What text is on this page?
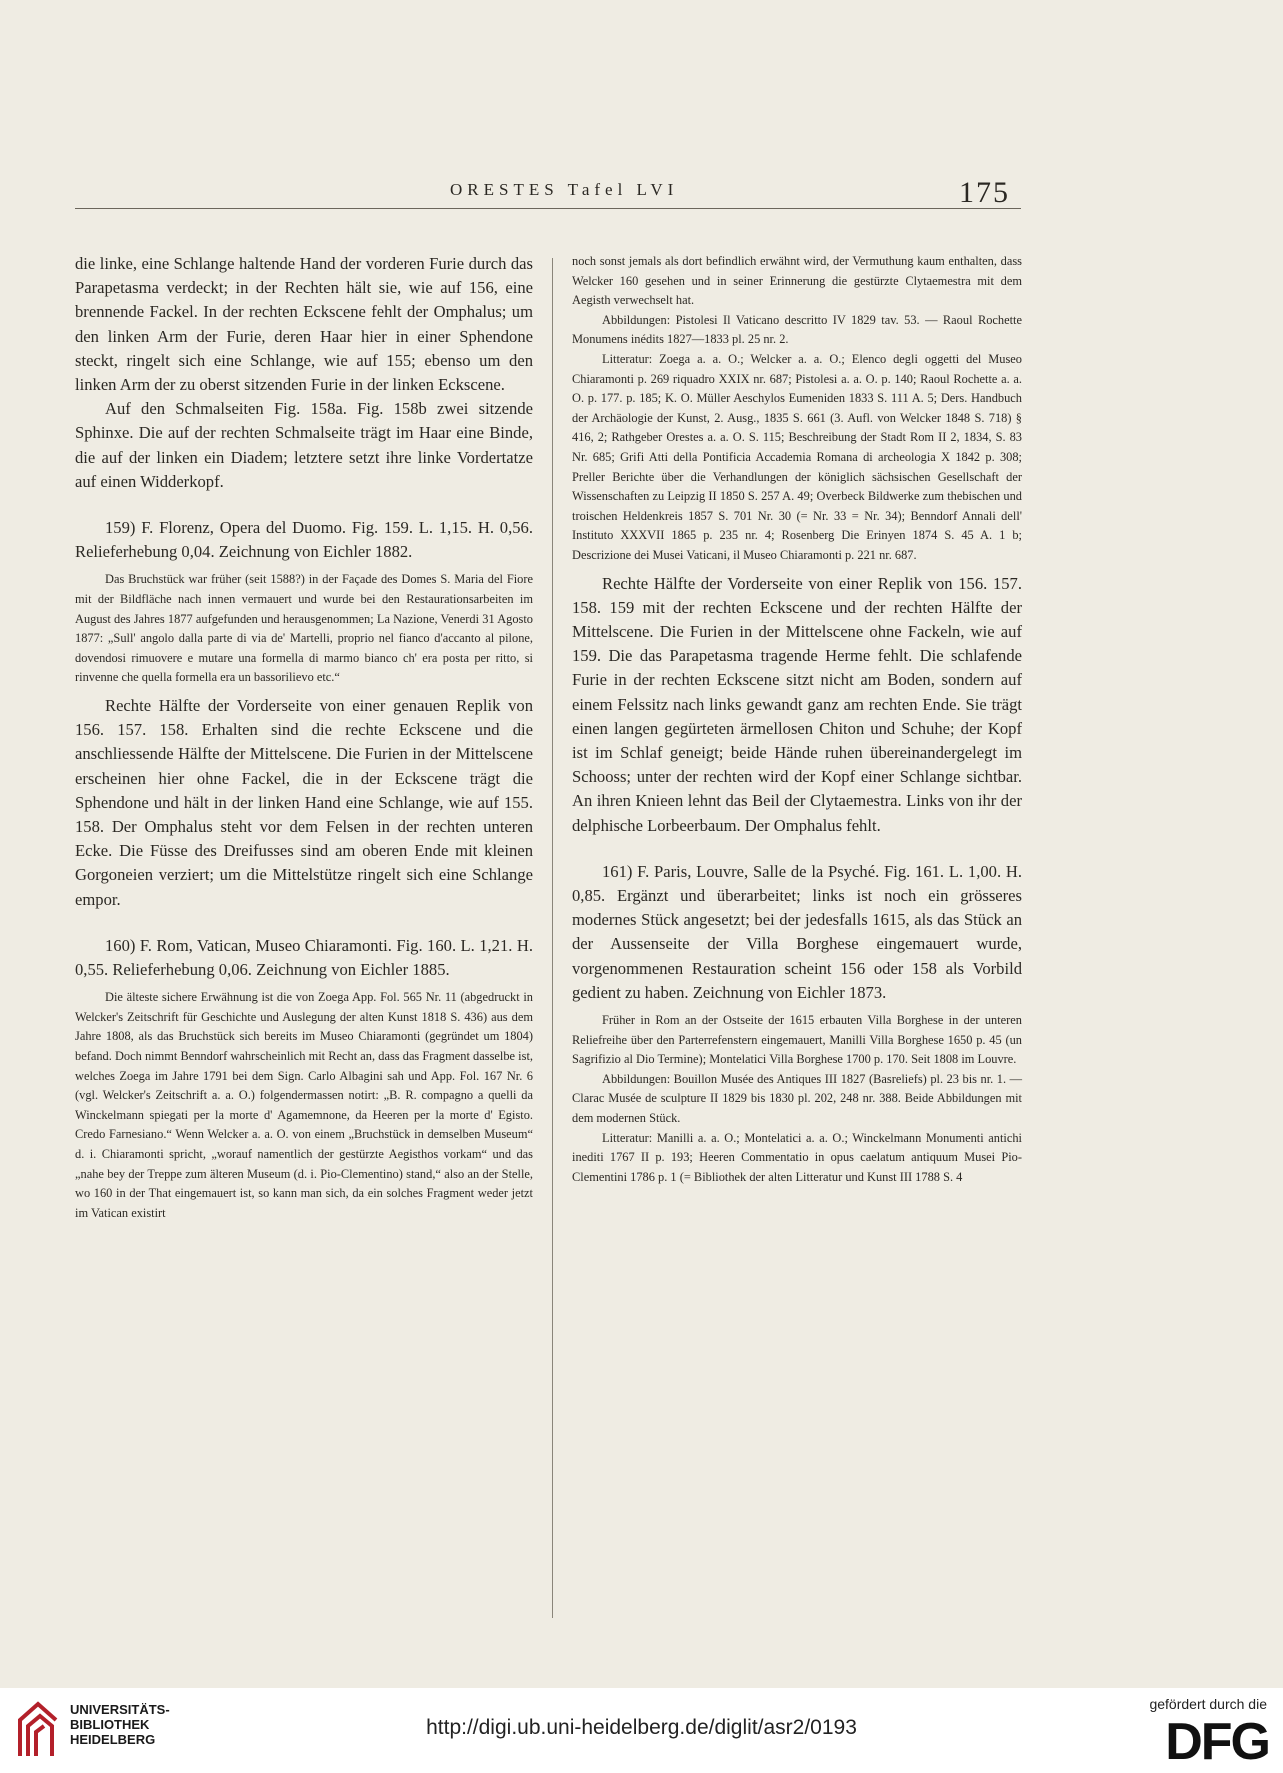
ORESTES Tafel LVI	175

die linke, eine Schlange haltende Hand der vorderen Furie durch das Parapetasma verdeckt; in der Rechten hält sie, wie auf 156, eine brennende Fackel. In der rechten Eckscene fehlt der Omphalus; um den linken Arm der Furie, deren Haar hier in einer Sphendone steckt, ringelt sich eine Schlange, wie auf 155; ebenso um den linken Arm der zu oberst sitzenden Furie in der linken Eckscene.

Auf den Schmalseiten Fig. 158a. Fig. 158b zwei sitzende Sphinxe. Die auf der rechten Schmalseite trägt im Haar eine Binde, die auf der linken ein Diadem; letztere setzt ihre linke Vordertatze auf einen Widderkopf.

159) F. Florenz, Opera del Duomo. Fig. 159. L. 1,15. H. 0,56. Relieferhebung 0,04. Zeichnung von Eichler 1882.

Das Bruchstück war früher (seit 1588?) in der Façade des Domes S. Maria del Fiore mit der Bildfläche nach innen vermauert und wurde bei den Restaurationsarbeiten im August des Jahres 1877 aufgefunden und herausgenommen; La Nazione, Venerdi 31 Agosto 1877: „Sull' angolo dalla parte di via de' Martelli, proprio nel fianco d'accanto al pilone, dovendosi rimuovere e mutare una formella di marmo bianco ch' era posta per ritto, si rinvenne che quella formella era un bassorilievo etc.“

Rechte Hälfte der Vorderseite von einer genauen Replik von 156. 157. 158. Erhalten sind die rechte Eckscene und die anschliessende Hälfte der Mittelscene. Die Furien in der Mittelscene erscheinen hier ohne Fackel, die in der Eckscene trägt die Sphendone und hält in der linken Hand eine Schlange, wie auf 155. 158. Der Omphalus steht vor dem Felsen in der rechten unteren Ecke. Die Füsse des Dreifusses sind am oberen Ende mit kleinen Gorgoneien verziert; um die Mittelstütze ringelt sich eine Schlange empor.

160) F. Rom, Vatican, Museo Chiaramonti. Fig. 160. L. 1,21. H. 0,55. Relieferhebung 0,06. Zeichnung von Eichler 1885.

Die älteste sichere Erwähnung ist die von Zoega App. Fol. 565 Nr. 11 (abgedruckt in Welcker's Zeitschrift für Geschichte und Auslegung der alten Kunst 1818 S. 436) aus dem Jahre 1808, als das Bruchstück sich bereits im Museo Chiaramonti (gegründet um 1804) befand. Doch nimmt Benndorf wahrscheinlich mit Recht an, dass das Fragment dasselbe ist, welches Zoega im Jahre 1791 bei dem Sign. Carlo Albagini sah und App. Fol. 167 Nr. 6 (vgl. Welcker's Zeitschrift a. a. O.) folgendermassen notirt: „B. R. compagno a quelli da Winckelmann spiegati per la morte d' Agamemnone, da Heeren per la morte d' Egisto. Credo Farnesiano.“ Wenn Welcker a. a. O. von einem „Bruchstück in demselben Museum“ d. i. Chiaramonti spricht, „worauf namentlich der gestürzte Aegisthos vorkam“ und das „nahe bey der Treppe zum älteren Museum (d. i. Pio-Clementino) stand,“ also an der Stelle, wo 160 in der That eingemauert ist, so kann man sich, da ein solches Fragment weder jetzt im Vatican existirt

noch sonst jemals als dort befindlich erwähnt wird, der Vermuthung kaum enthalten, dass Welcker 160 gesehen und in seiner Erinnerung die gestürzte Clytaemestra mit dem Aegisth verwechselt hat.

Abbildungen: Pistolesi Il Vaticano descritto IV 1829 tav. 53. — Raoul Rochette Monumens inédits 1827—1833 pl. 25 nr. 2.

Litteratur: Zoega a. a. O.; Welcker a. a. O.; Elenco degli oggetti del Museo Chiaramonti p. 269 riquadro XXIX nr. 687; Pistolesi a. a. O. p. 140; Raoul Rochette a. a. O. p. 177. p. 185; K. O. Müller Aeschylos Eumeniden 1833 S. 111 A. 5; Ders. Handbuch der Archäologie der Kunst, 2. Ausg., 1835 S. 661 (3. Aufl. von Welcker 1848 S. 718) § 416, 2; Rathgeber Orestes a. a. O. S. 115; Beschreibung der Stadt Rom II 2, 1834, S. 83 Nr. 685; Grifi Atti della Pontificia Accademia Romana di archeologia X 1842 p. 308; Preller Berichte über die Verhandlungen der königlich sächsischen Gesellschaft der Wissenschaften zu Leipzig II 1850 S. 257 A. 49; Overbeck Bildwerke zum thebischen und troischen Heldenkreis 1857 S. 701 Nr. 30 (= Nr. 33 = Nr. 34); Benndorf Annali dell' Instituto XXXVII 1865 p. 235 nr. 4; Rosenberg Die Erinyen 1874 S. 45 A. 1 b; Descrizione dei Musei Vaticani, il Museo Chiaramonti p. 221 nr. 687.

Rechte Hälfte der Vorderseite von einer Replik von 156. 157. 158. 159 mit der rechten Eckscene und der rechten Hälfte der Mittelscene. Die Furien in der Mittelscene ohne Fackeln, wie auf 159. Die das Parapetasma tragende Herme fehlt. Die schlafende Furie in der rechten Eckscene sitzt nicht am Boden, sondern auf einem Felssitz nach links gewandt ganz am rechten Ende. Sie trägt einen langen gegürteten ärmellosen Chiton und Schuhe; der Kopf ist im Schlaf geneigt; beide Hände ruhen übereinandergelegt im Schooss; unter der rechten wird der Kopf einer Schlange sichtbar. An ihren Knieen lehnt das Beil der Clytaemestra. Links von ihr der delphische Lorbeerbaum. Der Omphalus fehlt.

161) F. Paris, Louvre, Salle de la Psyché. Fig. 161. L. 1,00. H. 0,85. Ergänzt und überarbeitet; links ist noch ein grösseres modernes Stück angesetzt; bei der jedesfalls 1615, als das Stück an der Aussenseite der Villa Borghese eingemauert wurde, vorgenommenen Restauration scheint 156 oder 158 als Vorbild gedient zu haben. Zeichnung von Eichler 1873.

Früher in Rom an der Ostseite der 1615 erbauten Villa Borghese in der unteren Reliefreihe über den Parterrefenstern eingemauert, Manilli Villa Borghese 1650 p. 45 (un Sagrifizio al Dio Termine); Montelatici Villa Borghese 1700 p. 170. Seit 1808 im Louvre.

Abbildungen: Bouillon Musée des Antiques III 1827 (Basreliefs) pl. 23 bis nr. 1. — Clarac Musée de sculpture II 1829 bis 1830 pl. 202, 248 nr. 388. Beide Abbildungen mit dem modernen Stück.

Litteratur: Manilli a. a. O.; Montelatici a. a. O.; Winckelmann Monumenti antichi inediti 1767 II p. 193; Heeren Commentatio in opus caelatum antiquum Musei Pio-Clementini 1786 p. 1 (= Bibliothek der alten Litteratur und Kunst III 1788 S. 4

UNIVERSITÄTS-
BIBLIOTHEK
HEIDELBERG
http://digi.ub.uni-heidelberg.de/diglit/asr2/0193
gefördert durch die
DFG
